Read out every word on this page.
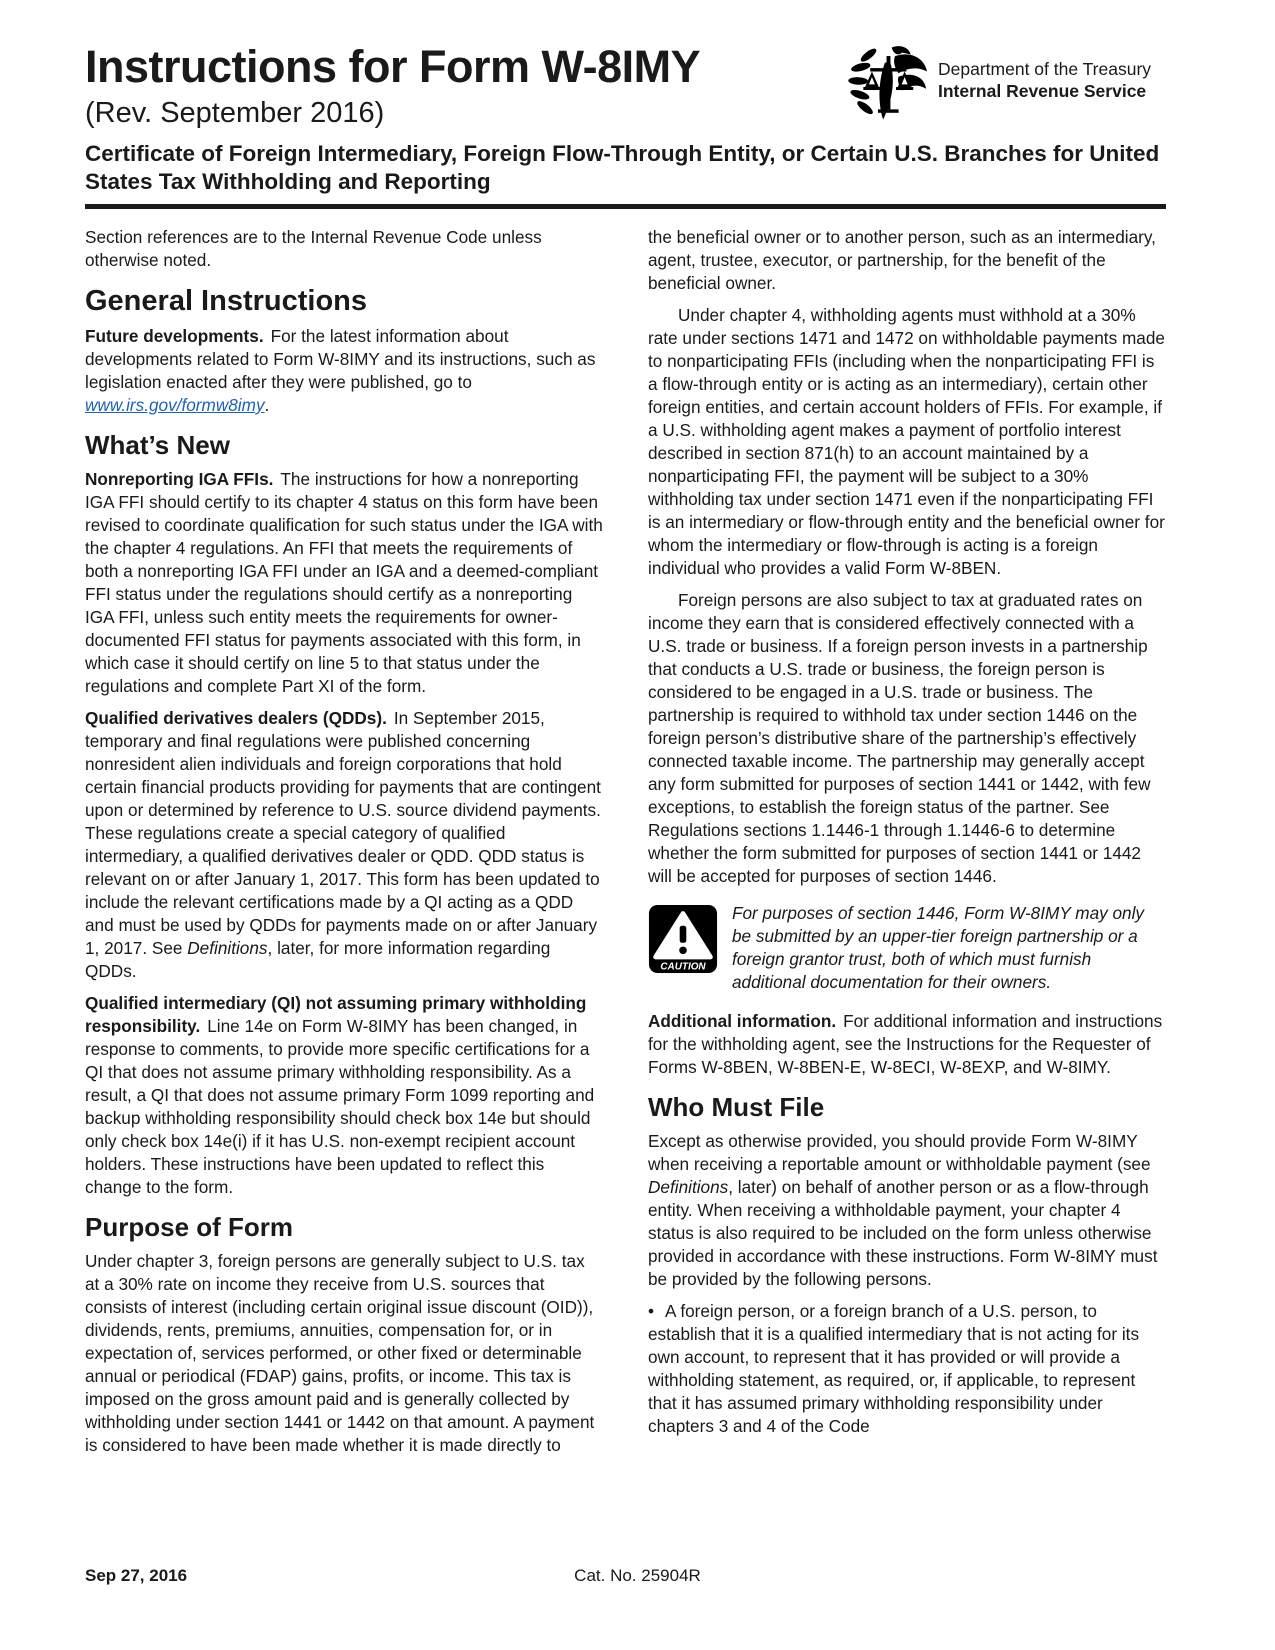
Instructions for Form W-8IMY
(Rev. September 2016)
Department of the Treasury
Internal Revenue Service
Certificate of Foreign Intermediary, Foreign Flow-Through Entity, or Certain U.S. Branches for United States Tax Withholding and Reporting

Section references are to the Internal Revenue Code unless otherwise noted.

General Instructions

Future developments. For the latest information about developments related to Form W-8IMY and its instructions, such as legislation enacted after they were published, go to www.irs.gov/formw8imy.

What’s New

Nonreporting IGA FFIs. The instructions for how a nonreporting IGA FFI should certify to its chapter 4 status on this form have been revised to coordinate qualification for such status under the IGA with the chapter 4 regulations. An FFI that meets the requirements of both a nonreporting IGA FFI under an IGA and a deemed-compliant FFI status under the regulations should certify as a nonreporting IGA FFI, unless such entity meets the requirements for owner-documented FFI status for payments associated with this form, in which case it should certify on line 5 to that status under the regulations and complete Part XI of the form.

Qualified derivatives dealers (QDDs). In September 2015, temporary and final regulations were published concerning nonresident alien individuals and foreign corporations that hold certain financial products providing for payments that are contingent upon or determined by reference to U.S. source dividend payments. These regulations create a special category of qualified intermediary, a qualified derivatives dealer or QDD. QDD status is relevant on or after January 1, 2017. This form has been updated to include the relevant certifications made by a QI acting as a QDD and must be used by QDDs for payments made on or after January 1, 2017. See Definitions, later, for more information regarding QDDs.

Qualified intermediary (QI) not assuming primary withholding responsibility. Line 14e on Form W-8IMY has been changed, in response to comments, to provide more specific certifications for a QI that does not assume primary withholding responsibility. As a result, a QI that does not assume primary Form 1099 reporting and backup withholding responsibility should check box 14e but should only check box 14e(i) if it has U.S. non-exempt recipient account holders. These instructions have been updated to reflect this change to the form.

Purpose of Form

Under chapter 3, foreign persons are generally subject to U.S. tax at a 30% rate on income they receive from U.S. sources that consists of interest (including certain original issue discount (OID)), dividends, rents, premiums, annuities, compensation for, or in expectation of, services performed, or other fixed or determinable annual or periodical (FDAP) gains, profits, or income. This tax is imposed on the gross amount paid and is generally collected by withholding under section 1441 or 1442 on that amount. A payment is considered to have been made whether it is made directly to

the beneficial owner or to another person, such as an intermediary, agent, trustee, executor, or partnership, for the benefit of the beneficial owner.

Under chapter 4, withholding agents must withhold at a 30% rate under sections 1471 and 1472 on withholdable payments made to nonparticipating FFIs (including when the nonparticipating FFI is a flow-through entity or is acting as an intermediary), certain other foreign entities, and certain account holders of FFIs. For example, if a U.S. withholding agent makes a payment of portfolio interest described in section 871(h) to an account maintained by a nonparticipating FFI, the payment will be subject to a 30% withholding tax under section 1471 even if the nonparticipating FFI is an intermediary or flow-through entity and the beneficial owner for whom the intermediary or flow-through is acting is a foreign individual who provides a valid Form W-8BEN.

Foreign persons are also subject to tax at graduated rates on income they earn that is considered effectively connected with a U.S. trade or business. If a foreign person invests in a partnership that conducts a U.S. trade or business, the foreign person is considered to be engaged in a U.S. trade or business. The partnership is required to withhold tax under section 1446 on the foreign person’s distributive share of the partnership’s effectively connected taxable income. The partnership may generally accept any form submitted for purposes of section 1441 or 1442, with few exceptions, to establish the foreign status of the partner. See Regulations sections 1.1446-1 through 1.1446-6 to determine whether the form submitted for purposes of section 1441 or 1442 will be accepted for purposes of section 1446.

CAUTION
For purposes of section 1446, Form W-8IMY may only be submitted by an upper-tier foreign partnership or a foreign grantor trust, both of which must furnish additional documentation for their owners.

Additional information. For additional information and instructions for the withholding agent, see the Instructions for the Requester of Forms W-8BEN, W-8BEN-E, W-8ECI, W-8EXP, and W-8IMY.

Who Must File

Except as otherwise provided, you should provide Form W-8IMY when receiving a reportable amount or withholdable payment (see Definitions, later) on behalf of another person or as a flow-through entity. When receiving a withholdable payment, your chapter 4 status is also required to be included on the form unless otherwise provided in accordance with these instructions. Form W-8IMY must be provided by the following persons.

• A foreign person, or a foreign branch of a U.S. person, to establish that it is a qualified intermediary that is not acting for its own account, to represent that it has provided or will provide a withholding statement, as required, or, if applicable, to represent that it has assumed primary withholding responsibility under chapters 3 and 4 of the Code

Sep 27, 2016	Cat. No. 25904R
